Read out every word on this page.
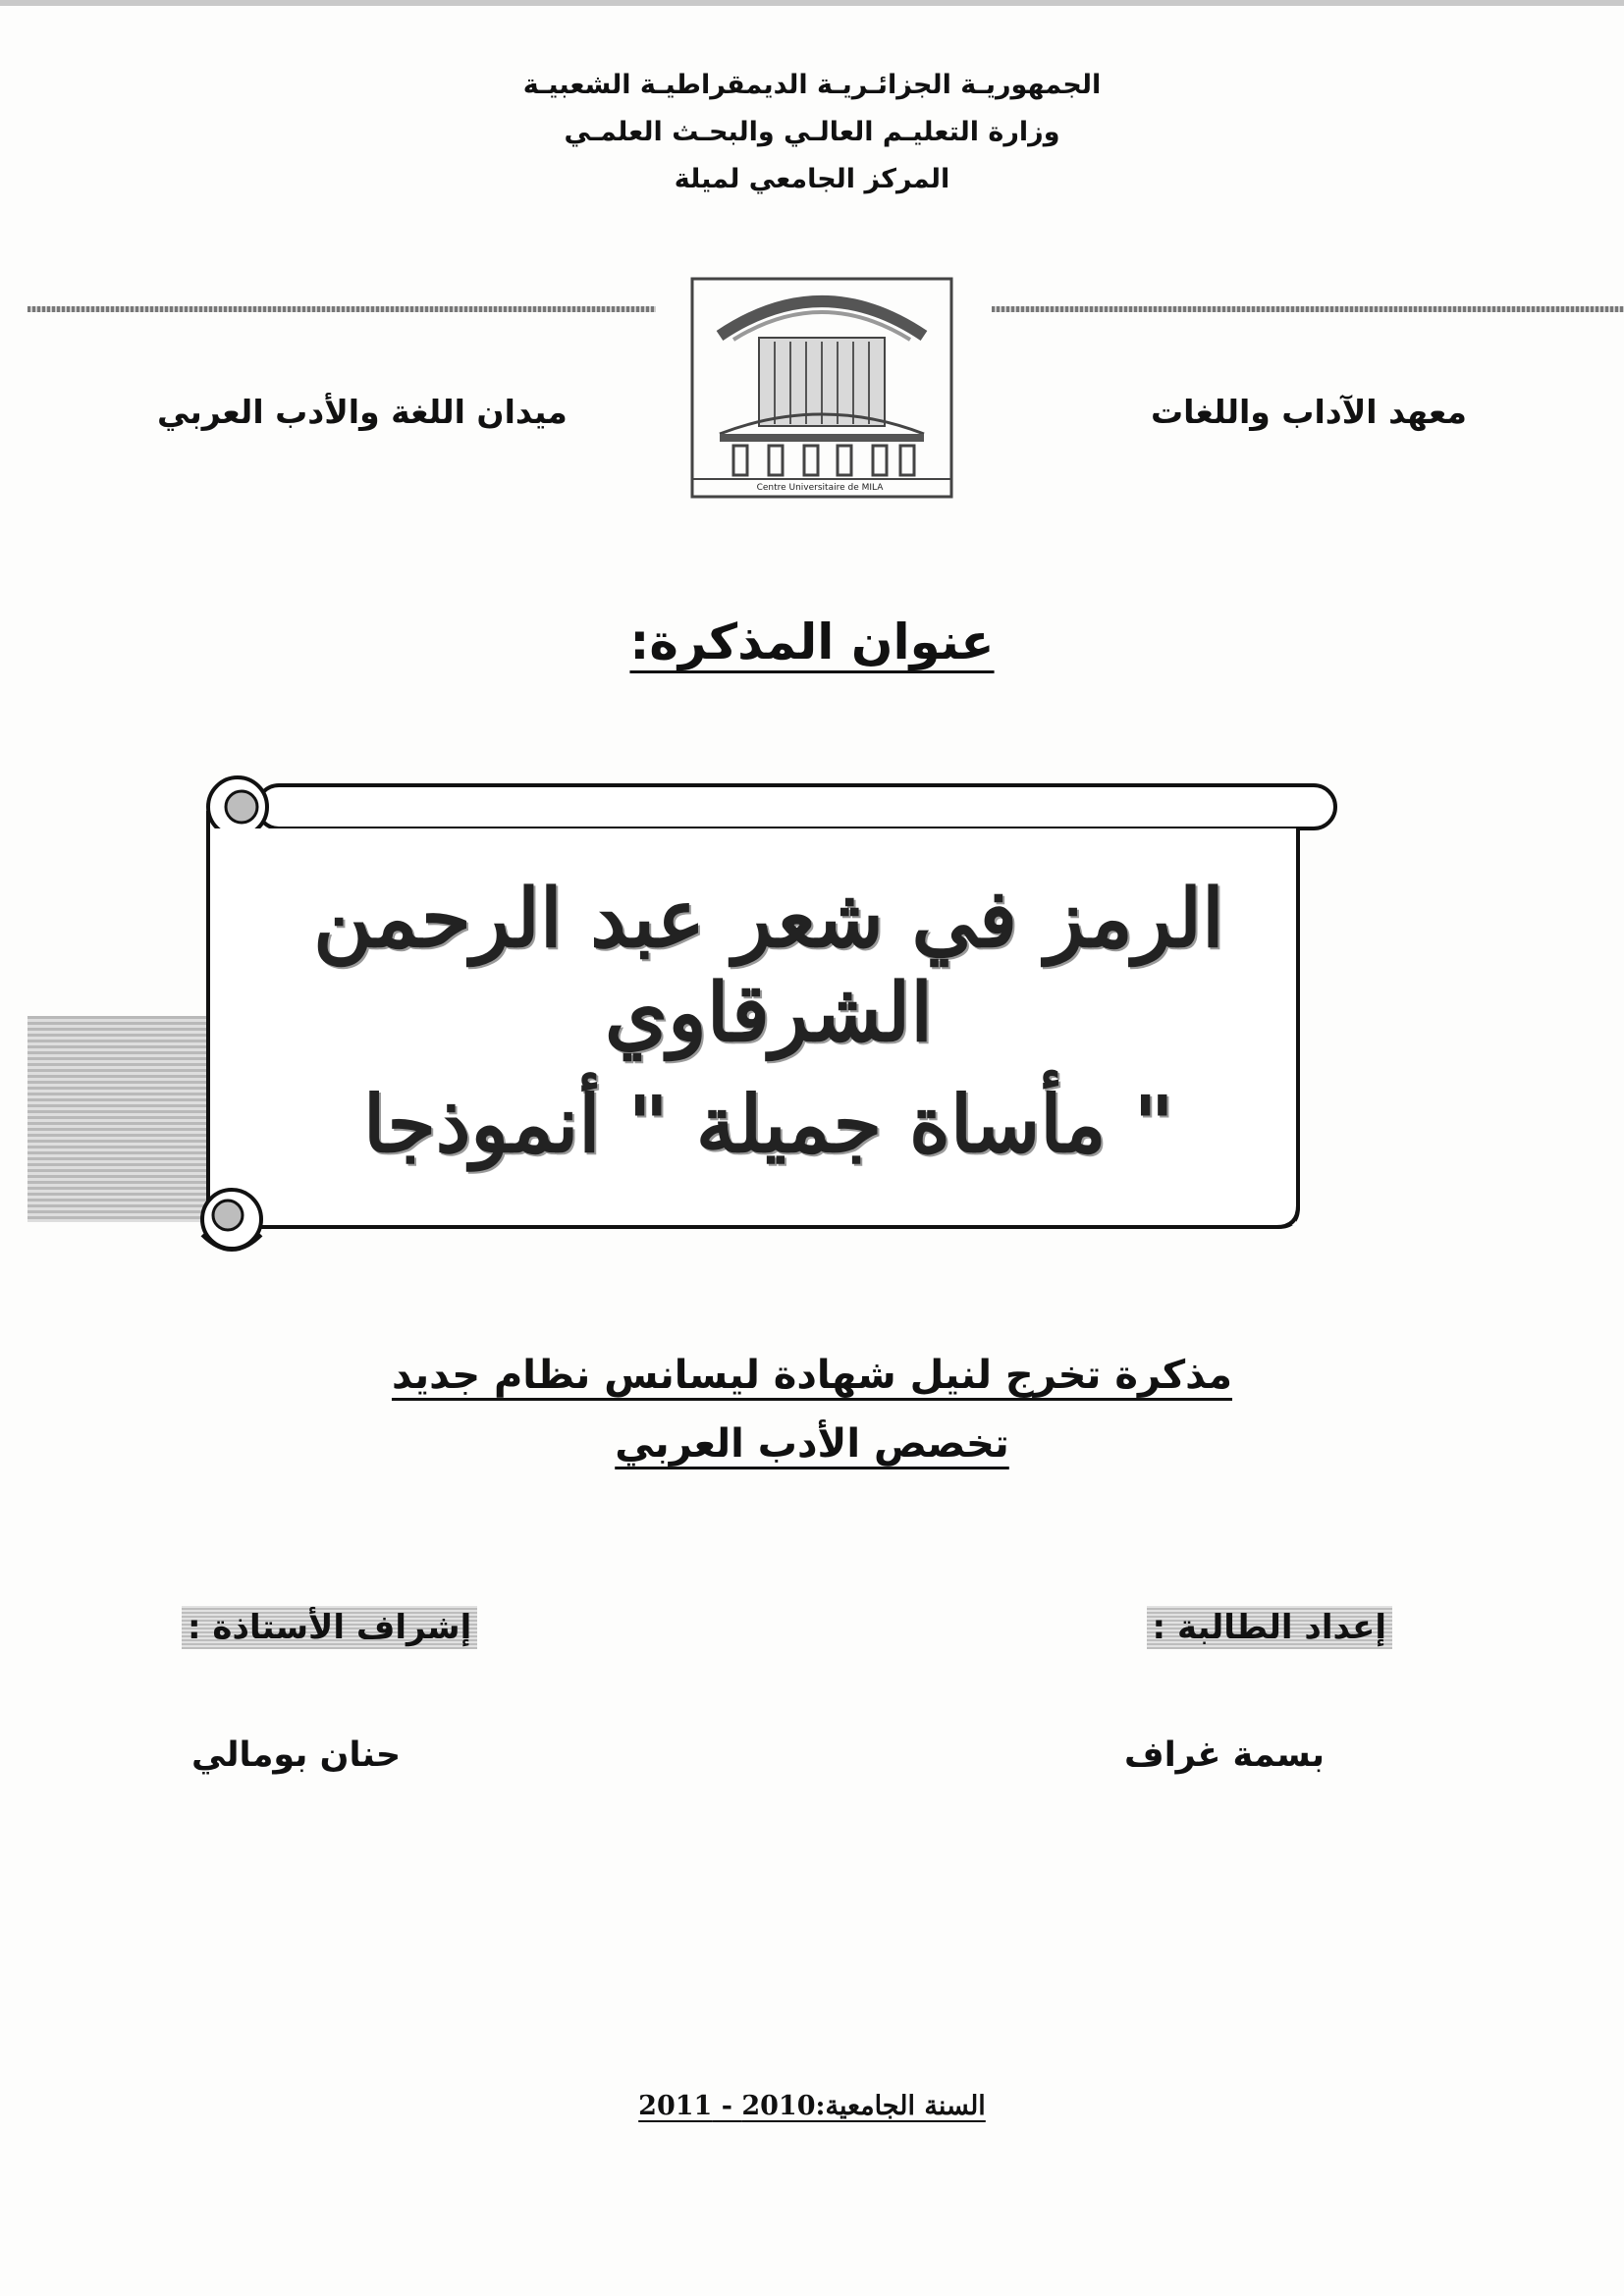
الجمهوريـة الجزائـريـة الديمقراطيـة الشعبيـة
وزارة التعليـم العالـي والبحـث العلمـي
المركز الجامعي لميلة
معهد الآداب واللغات
ميدان اللغة والأدب العربي
Centre Universitaire de MILA
عنوان المذكرة:
الرمز في شعر عبد الرحمن الشرقاوي
" مأساة جميلة " أنموذجا
مذكرة تخرج لنيل شهادة ليسانس نظام جديد
تخصص الأدب العربي
إعداد الطالبة :
إشراف الأستاذة :
بسمة غراف
حنان بومالي
السنة الجامعية:2010 - 2011
